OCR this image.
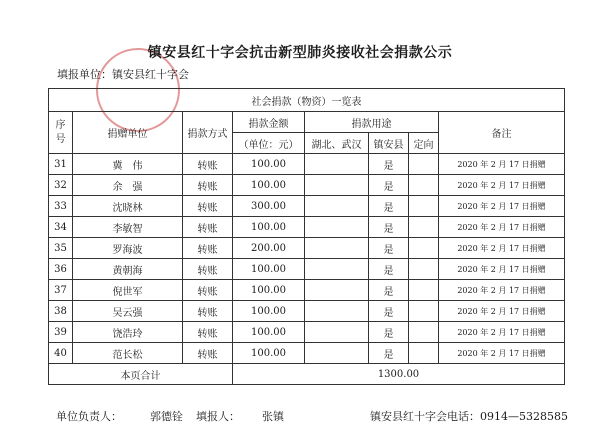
镇安县红十字会抗击新型肺炎接收社会捐款公示
填报单位：镇安县红十字会
社会捐款（物资）一览表							

序
号	捐赠单位	捐款方式	捐款金额	捐款用途			备注
			（单位：元）	湖北、武汉	镇安县	定向	
31	冀　伟	转账	100.00		是		2020 年 2 月 17 日捐赠
32	余　强	转账	100.00		是		2020 年 2 月 17 日捐赠
33	沈晓林	转账	300.00		是		2020 年 2 月 17 日捐赠
34	李敏智	转账	100.00		是		2020 年 2 月 17 日捐赠
35	罗海波	转账	200.00		是		2020 年 2 月 17 日捐赠
36	黄朝海	转账	100.00		是		2020 年 2 月 17 日捐赠
37	倪世军	转账	100.00		是		2020 年 2 月 17 日捐赠
38	吴云强	转账	100.00		是		2020 年 2 月 17 日捐赠
39	饶浩玲	转账	100.00		是		2020 年 2 月 17 日捐赠
40	范长松	转账	100.00		是		2020 年 2 月 17 日捐赠
本页合计			1300.00				
单位负责人：	郭德铨 填报人： 张镇	镇安县红十字会电话：0914—5328585
